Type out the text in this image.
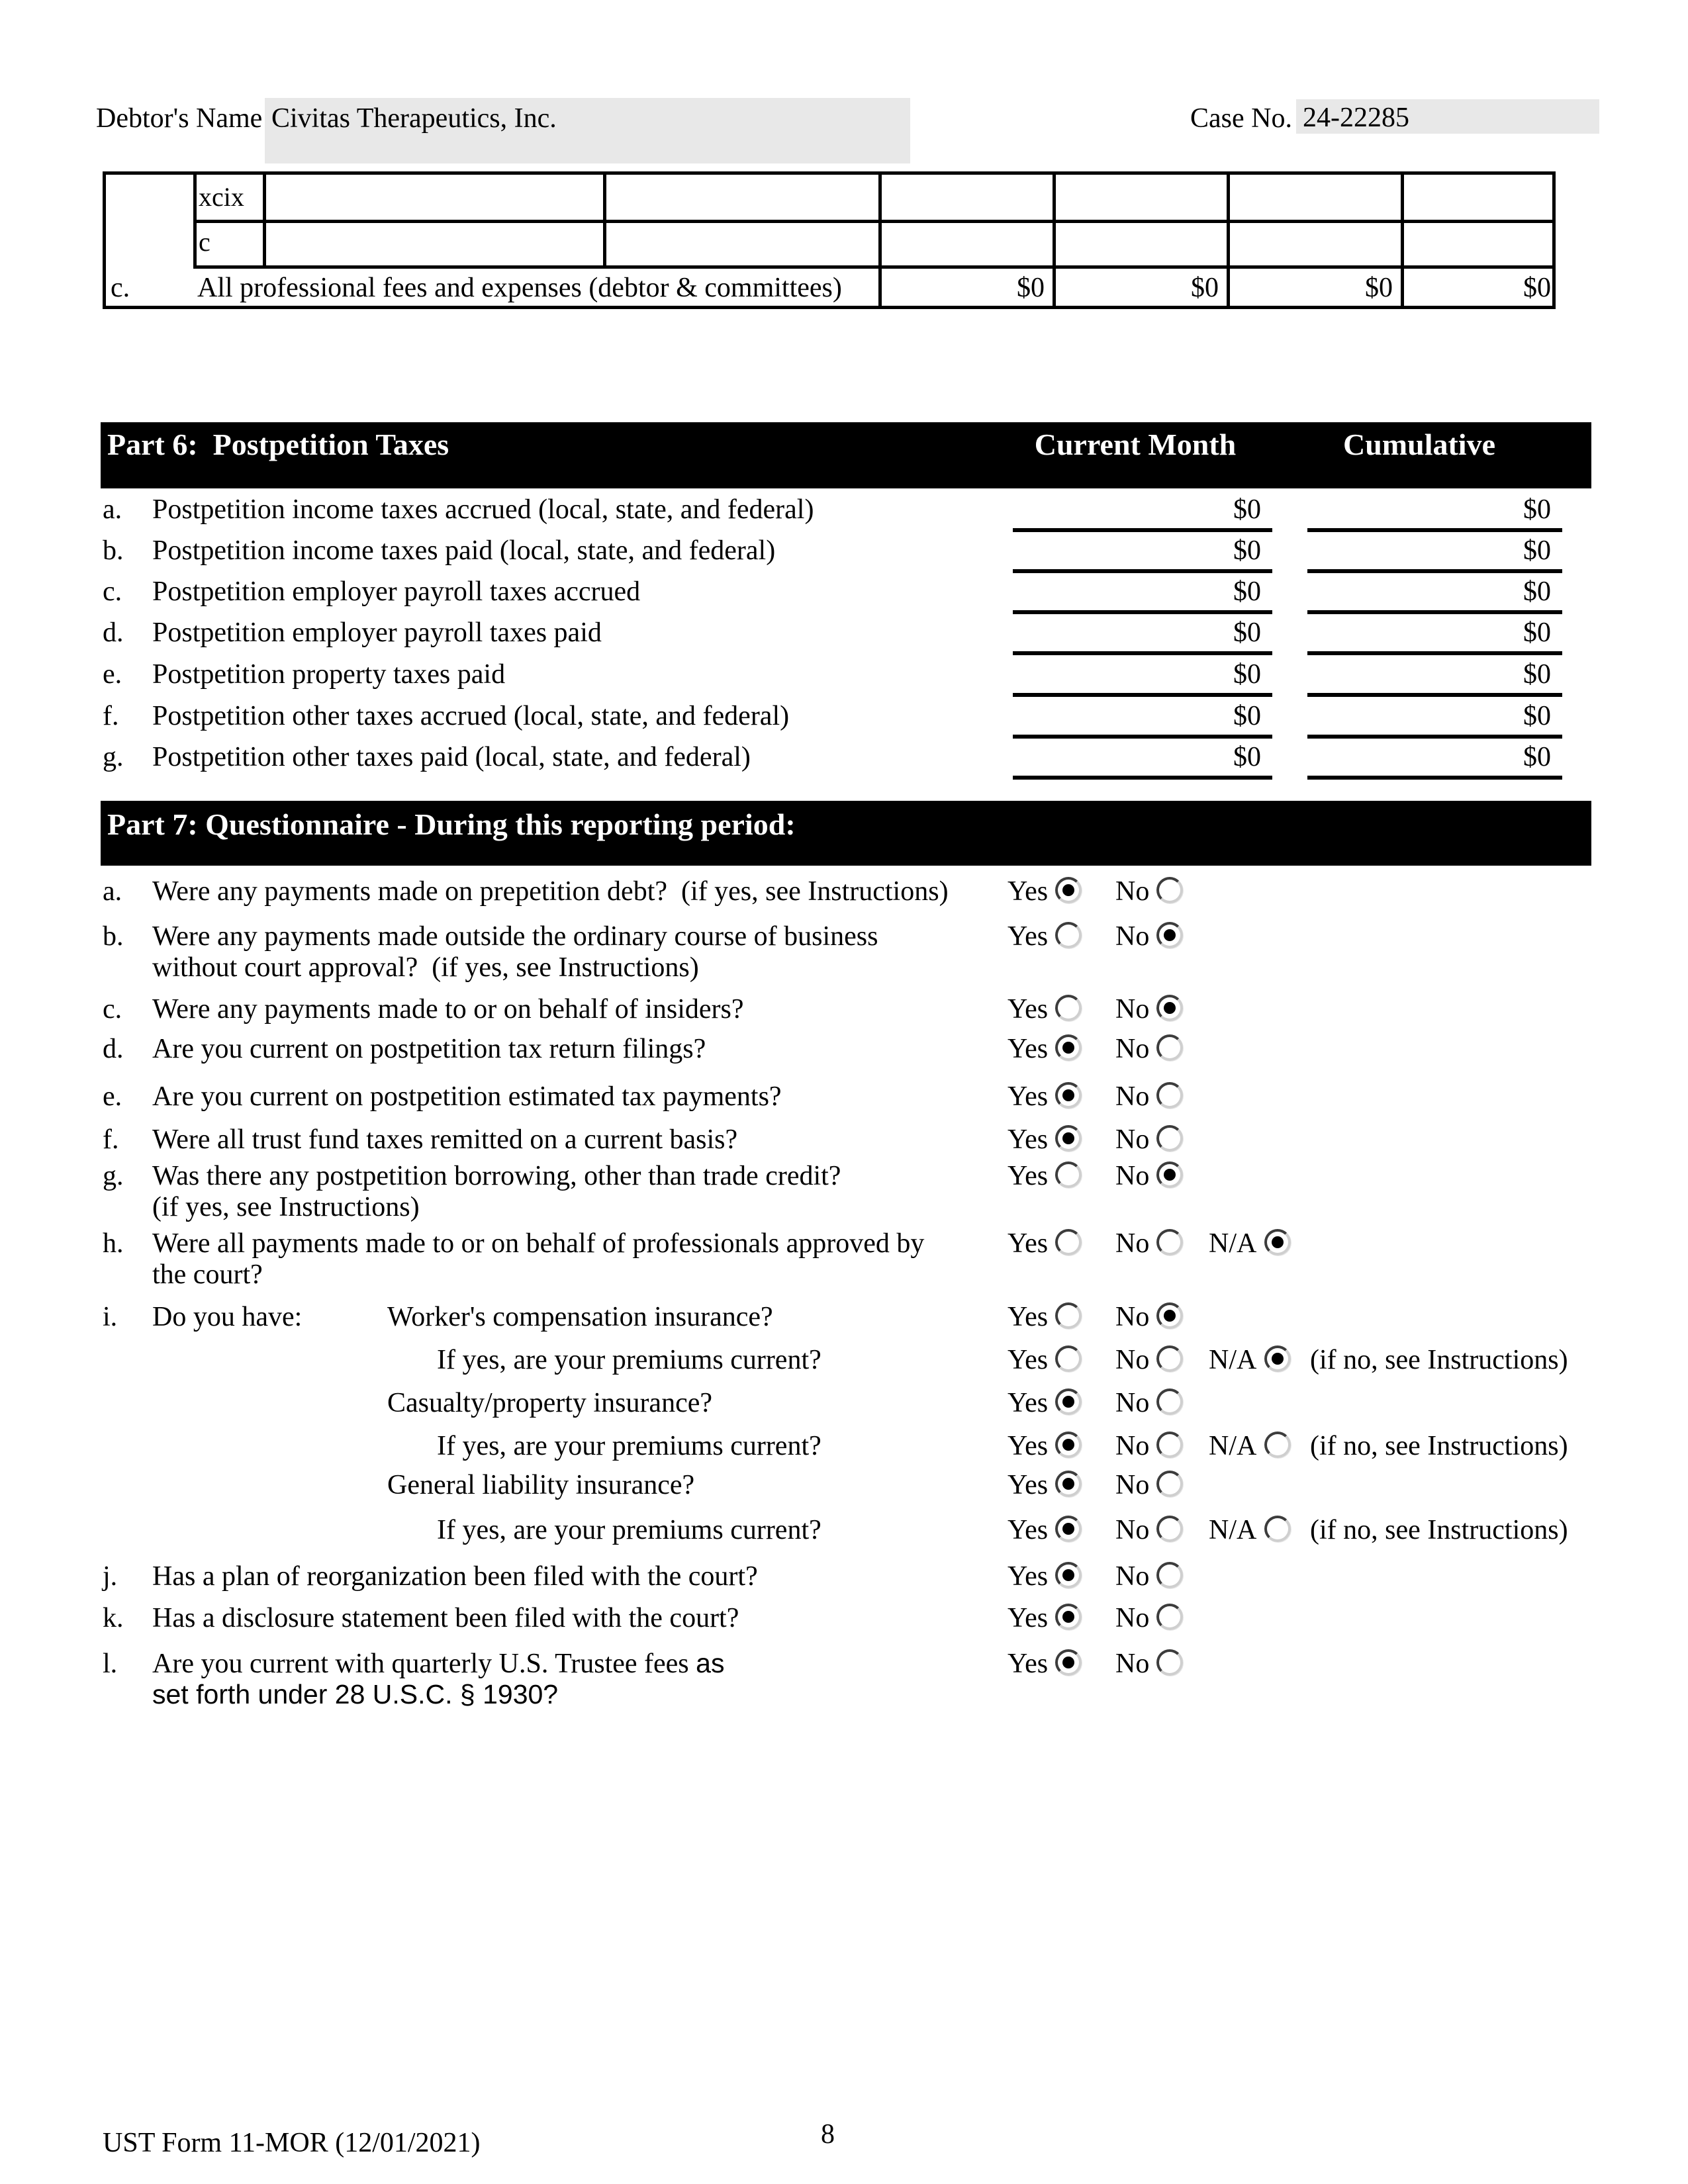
Debtor's Name Civitas Therapeutics, Inc.	Case No. 24-22285
xcix
c
c. All professional fees and expenses (debtor & committees)	$0	$0	$0	$0
Part 6:  Postpetition Taxes	Current Month	Cumulative
a. Postpetition income taxes accrued (local, state, and federal)	$0	$0
b. Postpetition income taxes paid (local, state, and federal)	$0	$0
c. Postpetition employer payroll taxes accrued	$0	$0
d. Postpetition employer payroll taxes paid	$0	$0
e. Postpetition property taxes paid	$0	$0
f. Postpetition other taxes accrued (local, state, and federal)	$0	$0
g. Postpetition other taxes paid (local, state, and federal)	$0	$0
Part 7: Questionnaire - During this reporting period:
a. Were any payments made on prepetition debt?  (if yes, see Instructions) Yes No
b. Were any payments made outside the ordinary course of business
without court approval?  (if yes, see Instructions)
Yes No
c. Were any payments made to or on behalf of insiders?	Yes No
d. Are you current on postpetition tax return filings?	Yes No
e. Are you current on postpetition estimated tax payments?	Yes No
f. Were all trust fund taxes remitted on a current basis?	Yes No
g. Was there any postpetition borrowing, other than trade credit?
(if yes, see Instructions)
Yes No
h. Were all payments made to or on behalf of professionals approved by
the court?
Yes No N/A
i. Do you have:	Worker's compensation insurance?	Yes No
If yes, are your premiums current?	Yes No N/A (if no, see Instructions)
Casualty/property insurance?	Yes No
If yes, are your premiums current?	Yes No N/A (if no, see Instructions)
General liability insurance?	Yes No
If yes, are your premiums current?	Yes No N/A (if no, see Instructions)
j. Has a plan of reorganization been filed with the court?	Yes No
k. Has a disclosure statement been filed with the court?	Yes No
l. Are you current with quarterly U.S. Trustee fees as
set forth under 28 U.S.C. § 1930?
Yes No
UST Form 11-MOR (12/01/2021)	8
